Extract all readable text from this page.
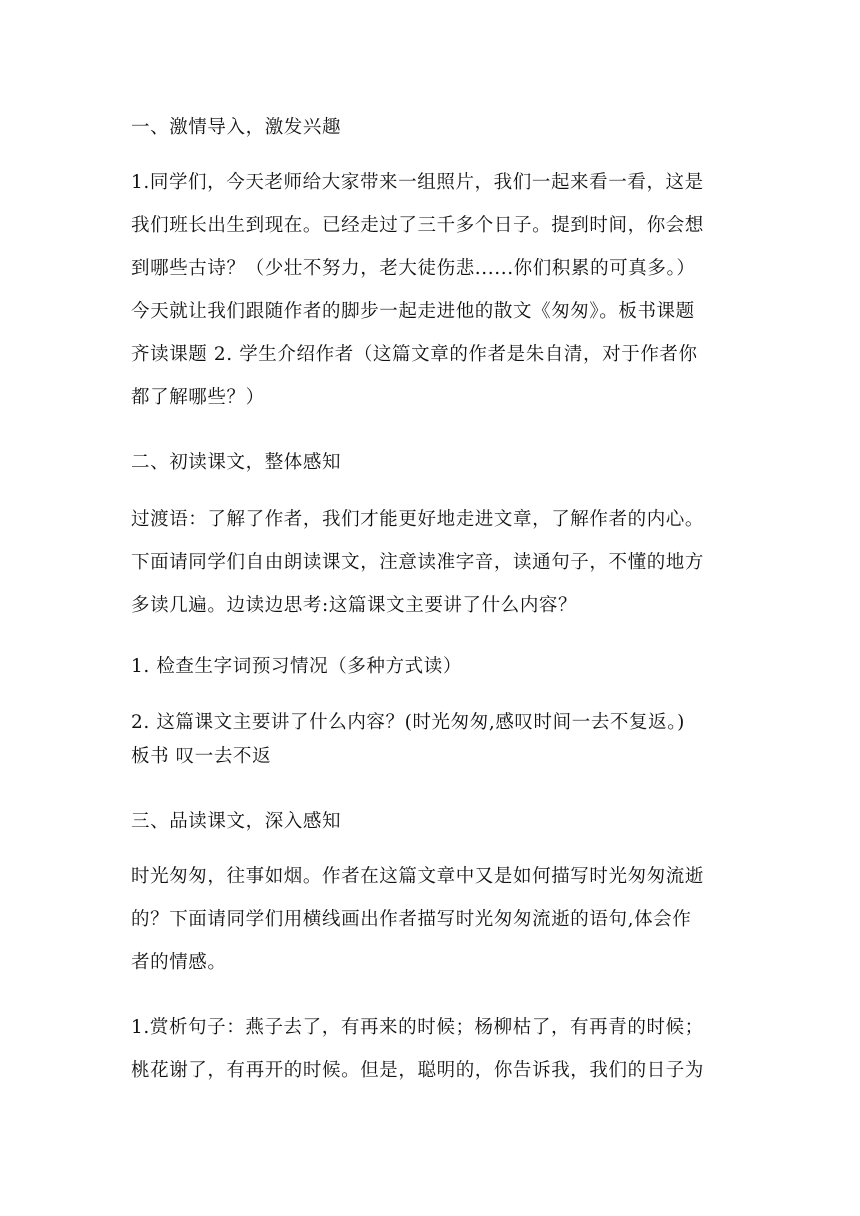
一、激情导入，激发兴趣

1.同学们，今天老师给大家带来一组照片，我们一起来看一看，这是
我们班长出生到现在。已经走过了三千多个日子。提到时间，你会想
到哪些古诗？（少壮不努力，老大徒伤悲......你们积累的可真多。）
今天就让我们跟随作者的脚步一起走进他的散文《匆匆》。板书课题
齐读课题 2. 学生介绍作者（这篇文章的作者是朱自清，对于作者你
都了解哪些？）

二、初读课文，整体感知

过渡语：了解了作者，我们才能更好地走进文章，了解作者的内心。
下面请同学们自由朗读课文，注意读准字音，读通句子，不懂的地方
多读几遍。边读边思考:这篇课文主要讲了什么内容？

1. 检查生字词预习情况（多种方式读）

2. 这篇课文主要讲了什么内容？(时光匆匆,感叹时间一去不复返。)
板书 叹一去不返

三、品读课文，深入感知

时光匆匆，往事如烟。作者在这篇文章中又是如何描写时光匆匆流逝
的？下面请同学们用横线画出作者描写时光匆匆流逝的语句,体会作
者的情感。

1.赏析句子：燕子去了，有再来的时候；杨柳枯了，有再青的时候；
桃花谢了，有再开的时候。但是，聪明的，你告诉我，我们的日子为
